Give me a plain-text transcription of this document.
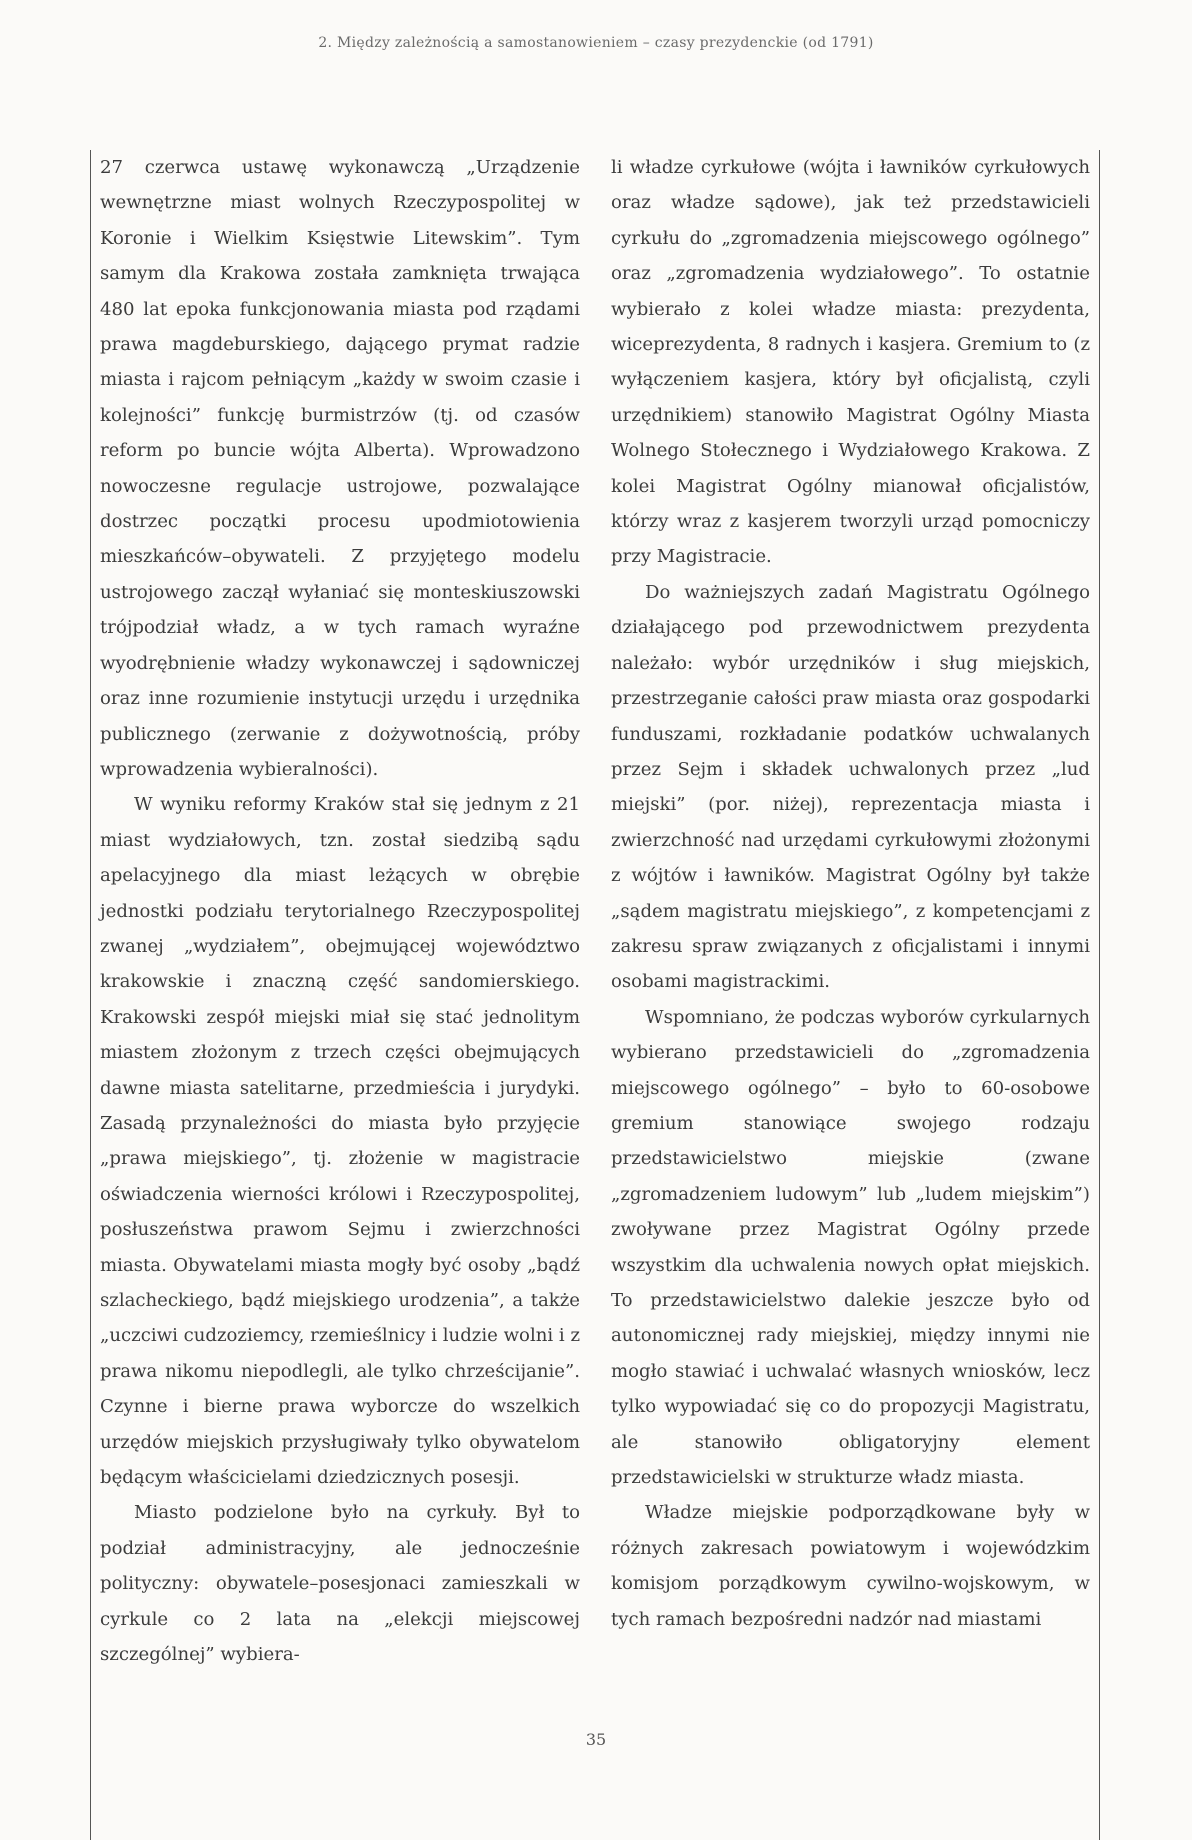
2. Między zależnością a samostanowieniem – czasy prezydenckie (od 1791)

27 czerwca ustawę wykonawczą „Urządzenie wewnętrzne miast wolnych Rzeczypospolitej w Koronie i Wielkim Księstwie Litewskim”. Tym samym dla Krakowa została zamknięta trwająca 480 lat epoka funkcjonowania miasta pod rządami prawa magdeburskiego, dającego prymat radzie miasta i rajcom pełniącym „każdy w swoim czasie i kolejności” funkcję burmistrzów (tj. od czasów reform po buncie wójta Alberta). Wprowadzono nowoczesne regulacje ustrojowe, pozwalające dostrzec początki procesu upodmiotowienia mieszkańców–obywateli. Z przyjętego modelu ustrojowego zaczął wyłaniać się monteskiuszowski trójpodział władz, a w tych ramach wyraźne wyodrębnienie władzy wykonawczej i sądowniczej oraz inne rozumienie instytucji urzędu i urzędnika publicznego (zerwanie z dożywotnością, próby wprowadzenia wybieralności).

W wyniku reformy Kraków stał się jednym z 21 miast wydziałowych, tzn. został siedzibą sądu apelacyjnego dla miast leżących w obrębie jednostki podziału terytorialnego Rzeczypospolitej zwanej „wydziałem”, obejmującej województwo krakowskie i znaczną część sandomierskiego. Krakowski zespół miejski miał się stać jednolitym miastem złożonym z trzech części obejmujących dawne miasta satelitarne, przedmieścia i jurydyki. Zasadą przynależności do miasta było przyjęcie „prawa miejskiego”, tj. złożenie w magistracie oświadczenia wierności królowi i Rzeczypospolitej, posłuszeństwa prawom Sejmu i zwierzchności miasta. Obywatelami miasta mogły być osoby „bądź szlacheckiego, bądź miejskiego urodzenia”, a także „uczciwi cudzoziemcy, rzemieślnicy i ludzie wolni i z prawa nikomu niepodlegli, ale tylko chrześcijanie”. Czynne i bierne prawa wyborcze do wszelkich urzędów miejskich przysługiwały tylko obywatelom będącym właścicielami dziedzicznych posesji.

Miasto podzielone było na cyrkuły. Był to podział administracyjny, ale jednocześnie polityczny: obywatele–posesjonaci zamieszkali w cyrkule co 2 lata na „elekcji miejscowej szczególnej” wybiera-

li władze cyrkułowe (wójta i ławników cyrkułowych oraz władze sądowe), jak też przedstawicieli cyrkułu do „zgromadzenia miejscowego ogólnego” oraz „zgromadzenia wydziałowego”. To ostatnie wybierało z kolei władze miasta: prezydenta, wiceprezydenta, 8 radnych i kasjera. Gremium to (z wyłączeniem kasjera, który był oficjalistą, czyli urzędnikiem) stanowiło Magistrat Ogólny Miasta Wolnego Stołecznego i Wydziałowego Krakowa. Z kolei Magistrat Ogólny mianował oficjalistów, którzy wraz z kasjerem tworzyli urząd pomocniczy przy Magistracie.

Do ważniejszych zadań Magistratu Ogólnego działającego pod przewodnictwem prezydenta należało: wybór urzędników i sług miejskich, przestrzeganie całości praw miasta oraz gospodarki funduszami, rozkładanie podatków uchwalanych przez Sejm i składek uchwalonych przez „lud miejski” (por. niżej), reprezentacja miasta i zwierzchność nad urzędami cyrkułowymi złożonymi z wójtów i ławników. Magistrat Ogólny był także „sądem magistratu miejskiego”, z kompetencjami z zakresu spraw związanych z oficjalistami i innymi osobami magistrackimi.

Wspomniano, że podczas wyborów cyrkularnych wybierano przedstawicieli do „zgromadzenia miejscowego ogólnego” – było to 60-osobowe gremium stanowiące swojego rodzaju przedstawicielstwo miejskie (zwane „zgromadzeniem ludowym” lub „ludem miejskim”) zwoływane przez Magistrat Ogólny przede wszystkim dla uchwalenia nowych opłat miejskich. To przedstawicielstwo dalekie jeszcze było od autonomicznej rady miejskiej, między innymi nie mogło stawiać i uchwalać własnych wniosków, lecz tylko wypowiadać się co do propozycji Magistratu, ale stanowiło obligatoryjny element przedstawicielski w strukturze władz miasta.

Władze miejskie podporządkowane były w różnych zakresach powiatowym i wojewódzkim komisjom porządkowym cywilno-wojskowym, w tych ramach bezpośredni nadzór nad miastami

35
